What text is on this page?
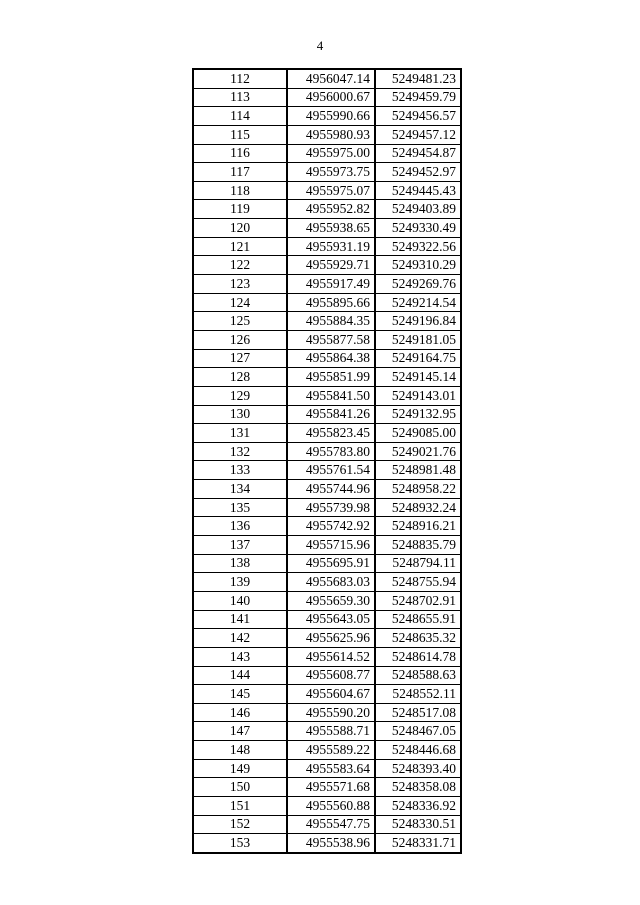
4
112	4956047.14	5249481.23
113	4956000.67	5249459.79
114	4955990.66	5249456.57
115	4955980.93	5249457.12
116	4955975.00	5249454.87
117	4955973.75	5249452.97
118	4955975.07	5249445.43
119	4955952.82	5249403.89
120	4955938.65	5249330.49
121	4955931.19	5249322.56
122	4955929.71	5249310.29
123	4955917.49	5249269.76
124	4955895.66	5249214.54
125	4955884.35	5249196.84
126	4955877.58	5249181.05
127	4955864.38	5249164.75
128	4955851.99	5249145.14
129	4955841.50	5249143.01
130	4955841.26	5249132.95
131	4955823.45	5249085.00
132	4955783.80	5249021.76
133	4955761.54	5248981.48
134	4955744.96	5248958.22
135	4955739.98	5248932.24
136	4955742.92	5248916.21
137	4955715.96	5248835.79
138	4955695.91	5248794.11
139	4955683.03	5248755.94
140	4955659.30	5248702.91
141	4955643.05	5248655.91
142	4955625.96	5248635.32
143	4955614.52	5248614.78
144	4955608.77	5248588.63
145	4955604.67	5248552.11
146	4955590.20	5248517.08
147	4955588.71	5248467.05
148	4955589.22	5248446.68
149	4955583.64	5248393.40
150	4955571.68	5248358.08
151	4955560.88	5248336.92
152	4955547.75	5248330.51
153	4955538.96	5248331.71
